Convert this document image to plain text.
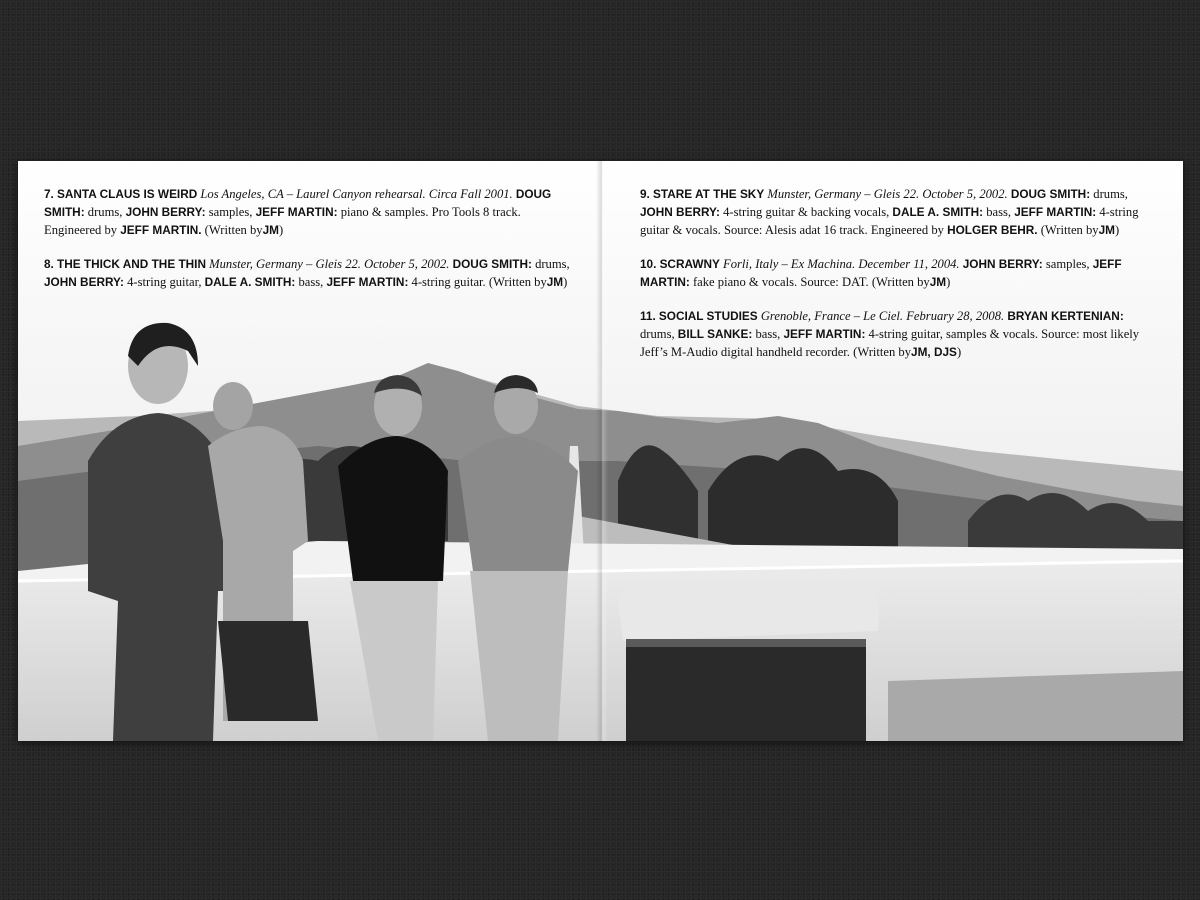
7. SANTA CLAUS IS WEIRD Los Angeles, CA – Laurel Canyon rehearsal. Circa Fall 2001. DOUG SMITH: drums, JOHN BERRY: samples, JEFF MARTIN: piano & samples. Pro Tools 8 track. Engineered by JEFF MARTIN. (Written byJM)

8. THE THICK AND THE THIN Munster, Germany – Gleis 22. October 5, 2002. DOUG SMITH: drums, JOHN BERRY: 4-string guitar, DALE A. SMITH: bass, JEFF MARTIN: 4-string guitar. (Written byJM)

9. STARE AT THE SKY Munster, Germany – Gleis 22. October 5, 2002. DOUG SMITH: drums, JOHN BERRY: 4-string guitar & backing vocals, DALE A. SMITH: bass, JEFF MARTIN: 4-string guitar & vocals. Source: Alesis adat 16 track. Engineered by HOLGER BEHR. (Written byJM)

10. SCRAWNY Forli, Italy – Ex Machina. December 11, 2004. JOHN BERRY: samples, JEFF MARTIN: fake piano & vocals. Source: DAT. (Written byJM)

11. SOCIAL STUDIES Grenoble, France – Le Ciel. February 28, 2008. BRYAN KERTENIAN: drums, BILL SANKE: bass, JEFF MARTIN: 4-string guitar, samples & vocals. Source: most likely Jeff’s M-Audio digital handheld recorder. (Written byJM, DJS)
